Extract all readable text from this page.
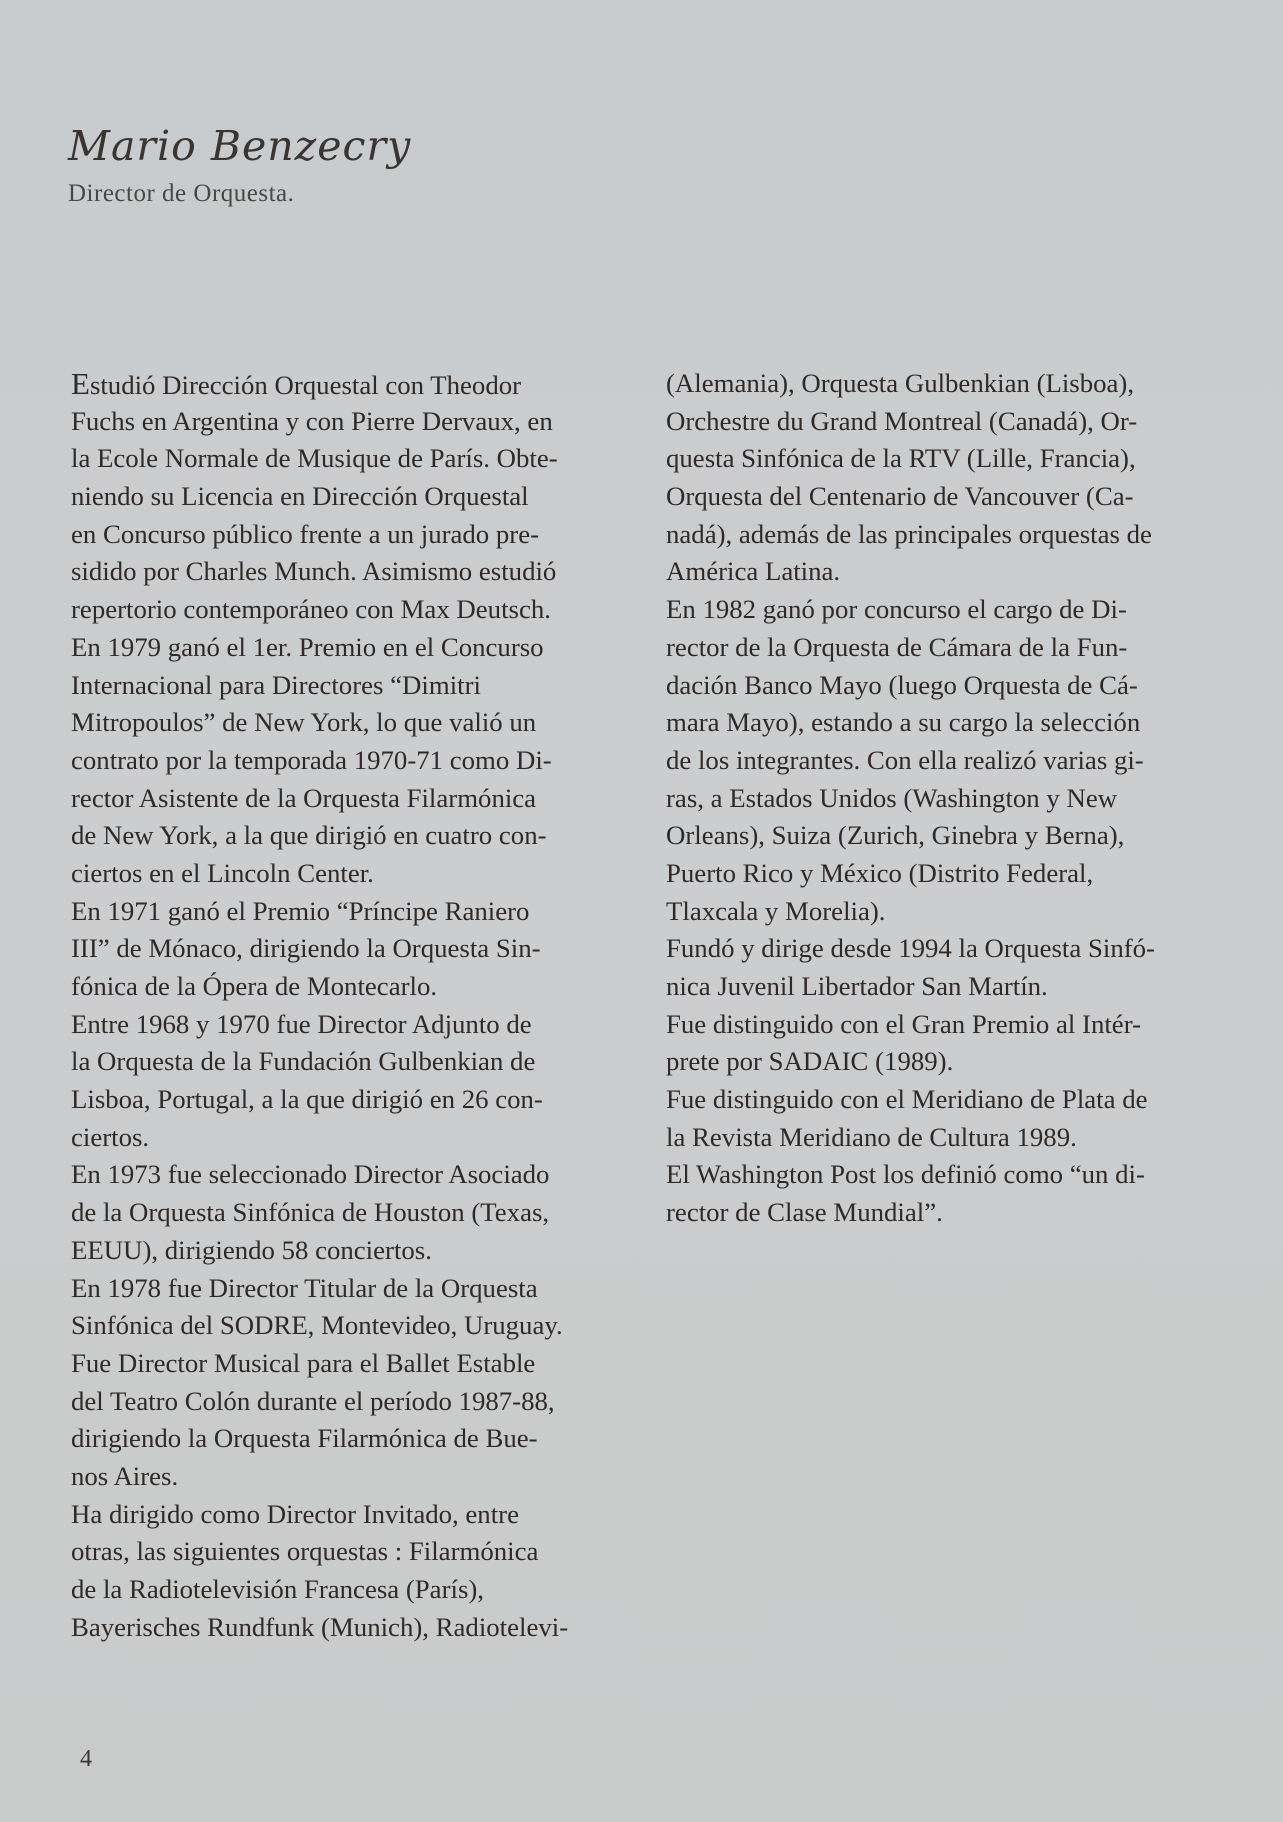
Mario Benzecry
Director de Orquesta.
Estudió Dirección Orquestal con Theodor
Fuchs en Argentina y con Pierre Dervaux, en
la Ecole Normale de Musique de París. Obte-
niendo su Licencia en Dirección Orquestal
en Concurso público frente a un jurado pre-
sidido por Charles Munch. Asimismo estudió
repertorio contemporáneo con Max Deutsch.
En 1979 ganó el 1er. Premio en el Concurso
Internacional para Directores “Dimitri
Mitropoulos” de New York, lo que valió un
contrato por la temporada 1970-71 como Di-
rector Asistente de la Orquesta Filarmónica
de New York, a la que dirigió en cuatro con-
ciertos en el Lincoln Center.
En 1971 ganó el Premio “Príncipe Raniero
III” de Mónaco, dirigiendo la Orquesta Sin-
fónica de la Ópera de Montecarlo.
Entre 1968 y 1970 fue Director Adjunto de
la Orquesta de la Fundación Gulbenkian de
Lisboa, Portugal, a la que dirigió en 26 con-
ciertos.
En 1973 fue seleccionado Director Asociado
de la Orquesta Sinfónica de Houston (Texas,
EEUU), dirigiendo 58 conciertos.
En 1978 fue Director Titular de la Orquesta
Sinfónica del SODRE, Montevideo, Uruguay.
Fue Director Musical para el Ballet Estable
del Teatro Colón durante el período 1987-88,
dirigiendo la Orquesta Filarmónica de Bue-
nos Aires.
Ha dirigido como Director Invitado, entre
otras, las siguientes orquestas : Filarmónica
de la Radiotelevisión Francesa (París),
Bayerisches Rundfunk (Munich), Radiotelevi-
(Alemania), Orquesta Gulbenkian (Lisboa),
Orchestre du Grand Montreal (Canadá), Or-
questa Sinfónica de la RTV (Lille, Francia),
Orquesta del Centenario de Vancouver (Ca-
nadá), además de las principales orquestas de
América Latina.
En 1982 ganó por concurso el cargo de Di-
rector de la Orquesta de Cámara de la Fun-
dación Banco Mayo (luego Orquesta de Cá-
mara Mayo), estando a su cargo la selección
de los integrantes. Con ella realizó varias gi-
ras, a Estados Unidos (Washington y New
Orleans), Suiza (Zurich, Ginebra y Berna),
Puerto Rico y México (Distrito Federal,
Tlaxcala y Morelia).
Fundó y dirige desde 1994 la Orquesta Sinfó-
nica Juvenil Libertador San Martín.
Fue distinguido con el Gran Premio al Intér-
prete por SADAIC (1989).
Fue distinguido con el Meridiano de Plata de
la Revista Meridiano de Cultura 1989.
El Washington Post los definió como “un di-
rector de Clase Mundial”.
4
